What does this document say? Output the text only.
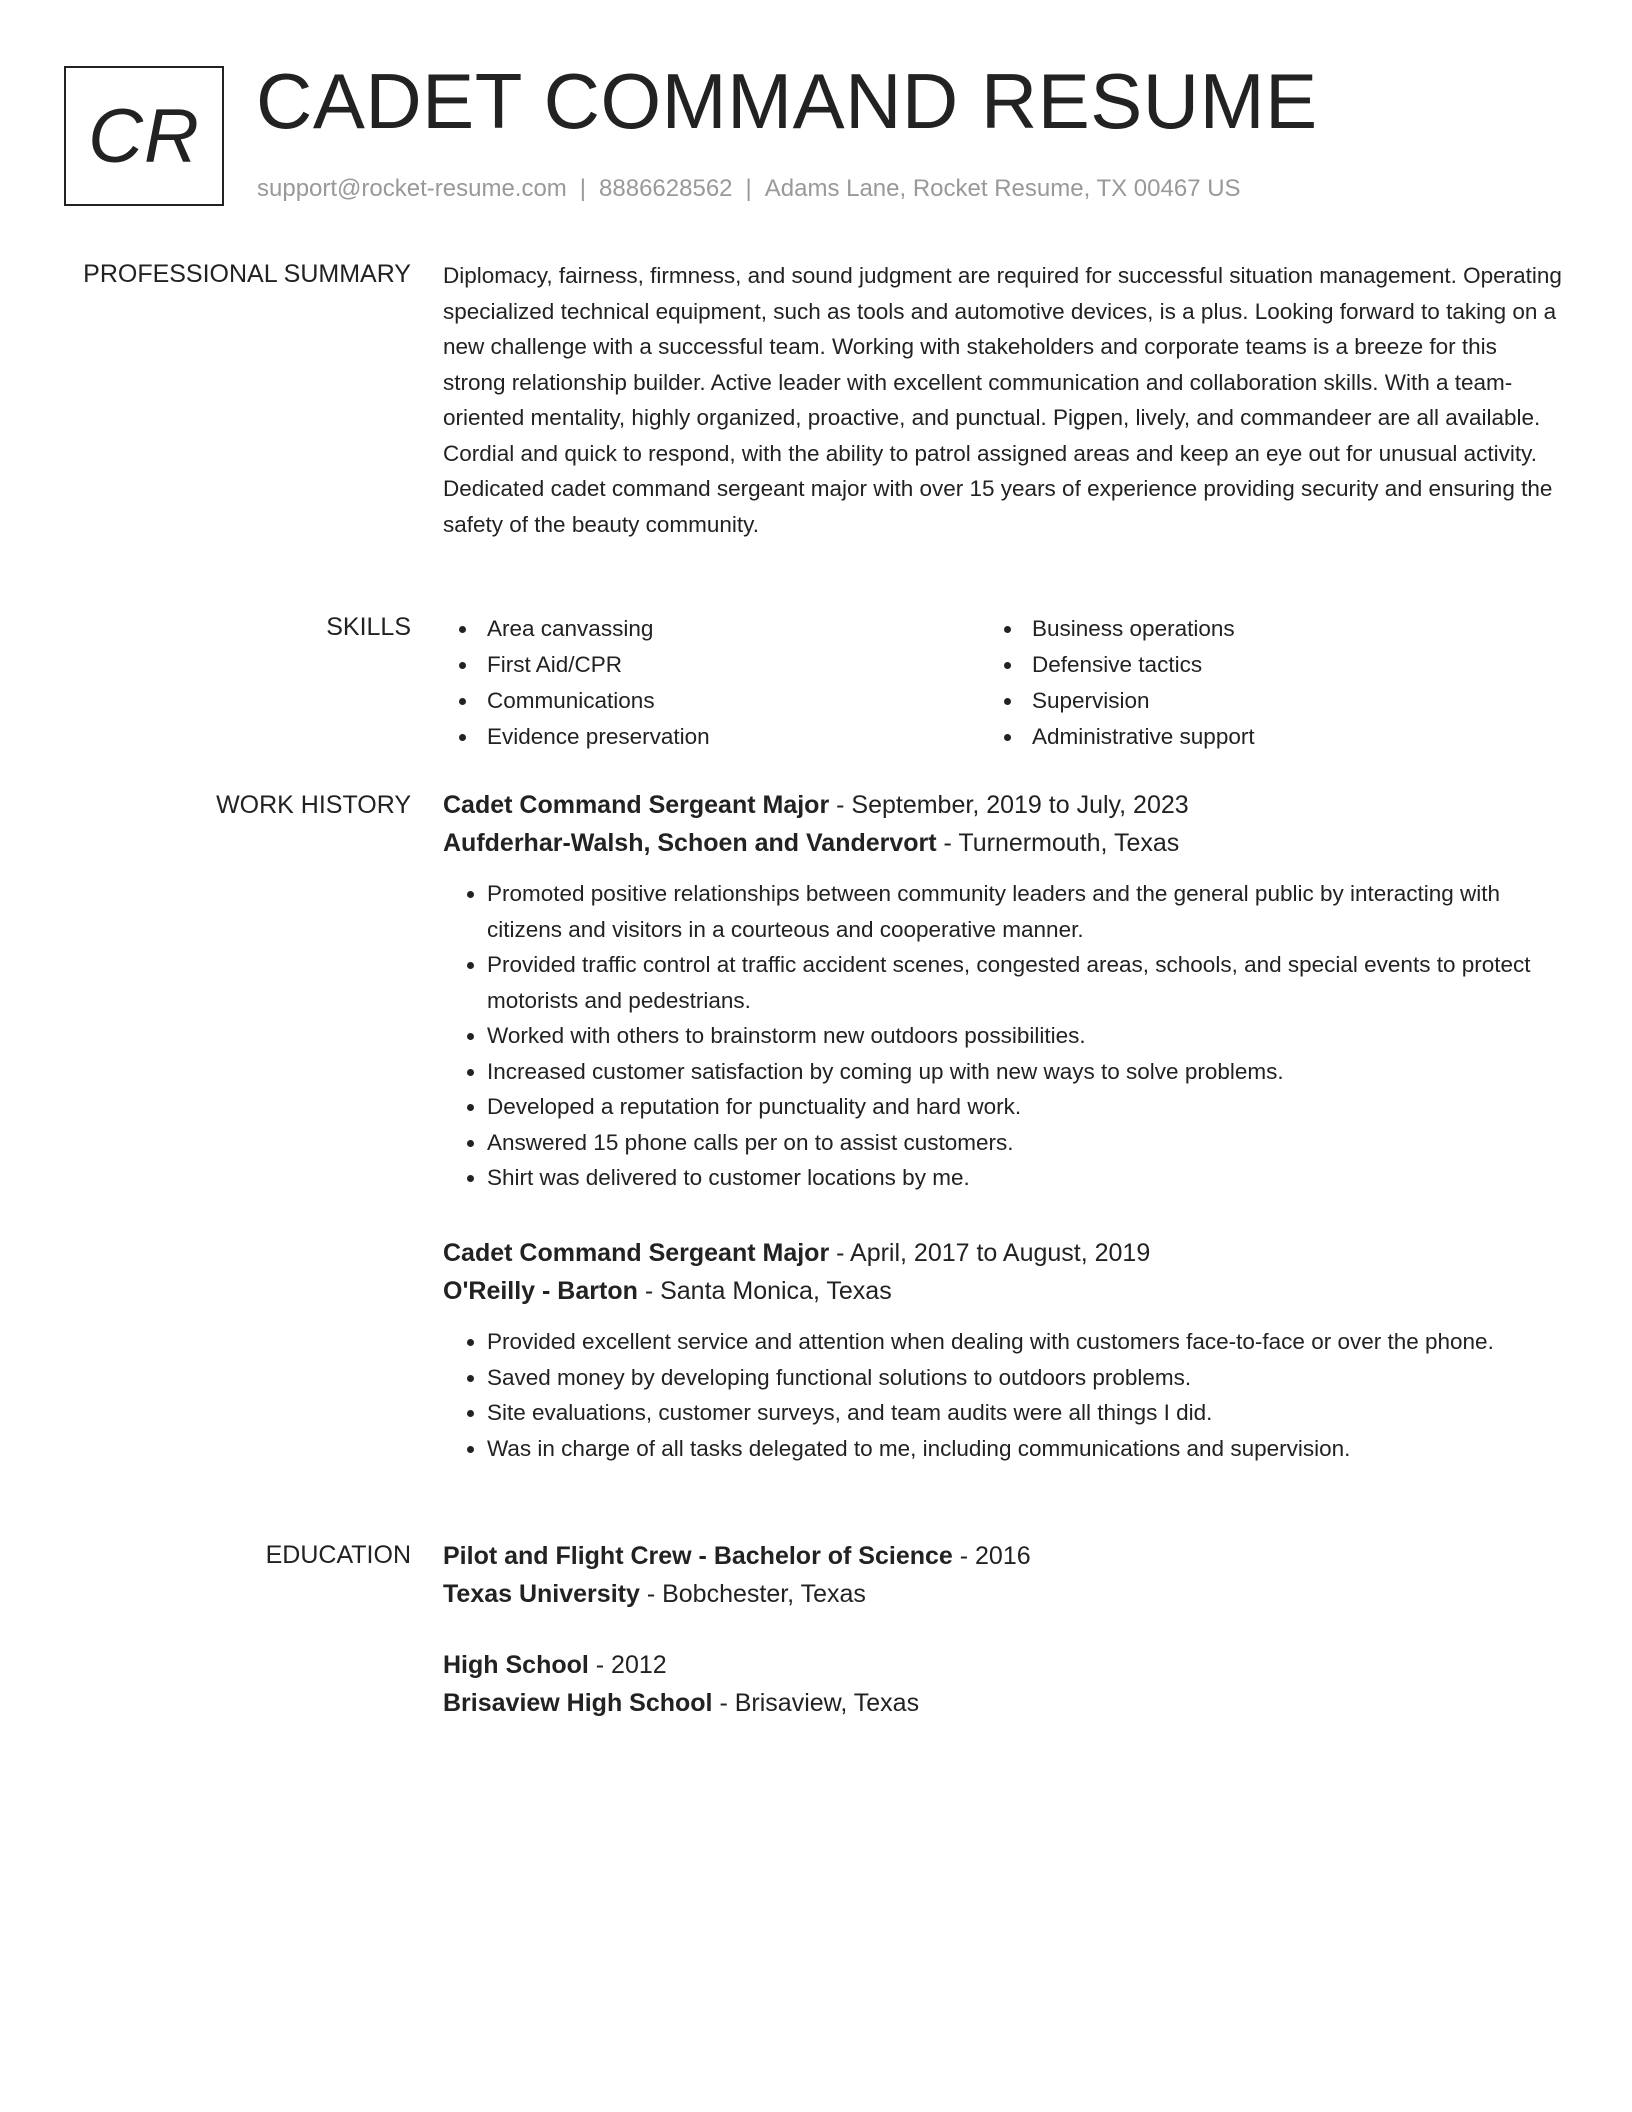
CR CADET COMMAND RESUME
support@rocket-resume.com | 8886628562 | Adams Lane, Rocket Resume, TX 00467 US
PROFESSIONAL SUMMARY Diplomacy, fairness, firmness, and sound judgment are required for successful situation management. Operating specialized technical equipment, such as tools and automotive devices, is a plus. Looking forward to taking on a new challenge with a successful team. Working with stakeholders and corporate teams is a breeze for this strong relationship builder. Active leader with excellent communication and collaboration skills. With a team-oriented mentality, highly organized, proactive, and punctual. Pigpen, lively, and commandeer are all available. Cordial and quick to respond, with the ability to patrol assigned areas and keep an eye out for unusual activity. Dedicated cadet command sergeant major with over 15 years of experience providing security and ensuring the safety of the beauty community.

SKILLS	Area canvassing
First Aid/CPR
Communications
Evidence preservation
Business operations
Defensive tactics
Supervision
Administrative support
WORK HISTORY Cadet Command Sergeant Major - September, 2019 to July, 2023
Aufderhar-Walsh, Schoen and Vandervort - Turnermouth, Texas
• Promoted positive relationships between community leaders and the general public by interacting with citizens and visitors in a courteous and cooperative manner.
• Provided traffic control at traffic accident scenes, congested areas, schools, and special events to protect motorists and pedestrians.
• Worked with others to brainstorm new outdoors possibilities.
• Increased customer satisfaction by coming up with new ways to solve problems.
• Developed a reputation for punctuality and hard work.
• Answered 15 phone calls per on to assist customers.
• Shirt was delivered to customer locations by me.
Cadet Command Sergeant Major - April, 2017 to August, 2019
O'Reilly - Barton - Santa Monica, Texas
• Provided excellent service and attention when dealing with customers face-to-face or over the phone.
• Saved money by developing functional solutions to outdoors problems.
• Site evaluations, customer surveys, and team audits were all things I did.
• Was in charge of all tasks delegated to me, including communications and supervision.
EDUCATION Pilot and Flight Crew - Bachelor of Science - 2016
Texas University - Bobchester, Texas
High School - 2012
Brisaview High School - Brisaview, Texas
